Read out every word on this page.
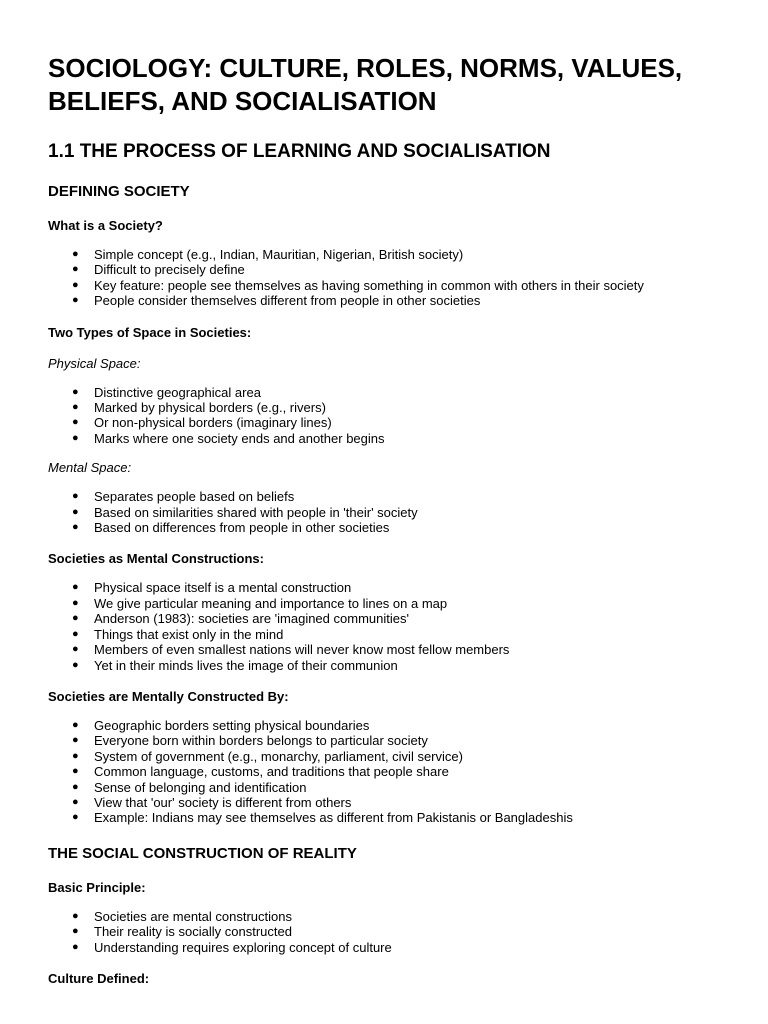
SOCIOLOGY: CULTURE, ROLES, NORMS, VALUES, BELIEFS, AND SOCIALISATION
1.1 THE PROCESS OF LEARNING AND SOCIALISATION
DEFINING SOCIETY

What is a Society?

● Simple concept (e.g., Indian, Mauritian, Nigerian, British society)
● Difficult to precisely define
● Key feature: people see themselves as having something in common with others in their society
● People consider themselves different from people in other societies

Two Types of Space in Societies:

Physical Space:

● Distinctive geographical area
● Marked by physical borders (e.g., rivers)
● Or non-physical borders (imaginary lines)
● Marks where one society ends and another begins

Mental Space:

● Separates people based on beliefs
● Based on similarities shared with people in 'their' society
● Based on differences from people in other societies

Societies as Mental Constructions:

● Physical space itself is a mental construction
● We give particular meaning and importance to lines on a map
● Anderson (1983): societies are 'imagined communities'
● Things that exist only in the mind
● Members of even smallest nations will never know most fellow members
● Yet in their minds lives the image of their communion

Societies are Mentally Constructed By:

● Geographic borders setting physical boundaries
● Everyone born within borders belongs to particular society
● System of government (e.g., monarchy, parliament, civil service)
● Common language, customs, and traditions that people share
● Sense of belonging and identification
● View that 'our' society is different from others
● Example: Indians may see themselves as different from Pakistanis or Bangladeshis
THE SOCIAL CONSTRUCTION OF REALITY

Basic Principle:

● Societies are mental constructions
● Their reality is socially constructed
● Understanding requires exploring concept of culture

Culture Defined:
